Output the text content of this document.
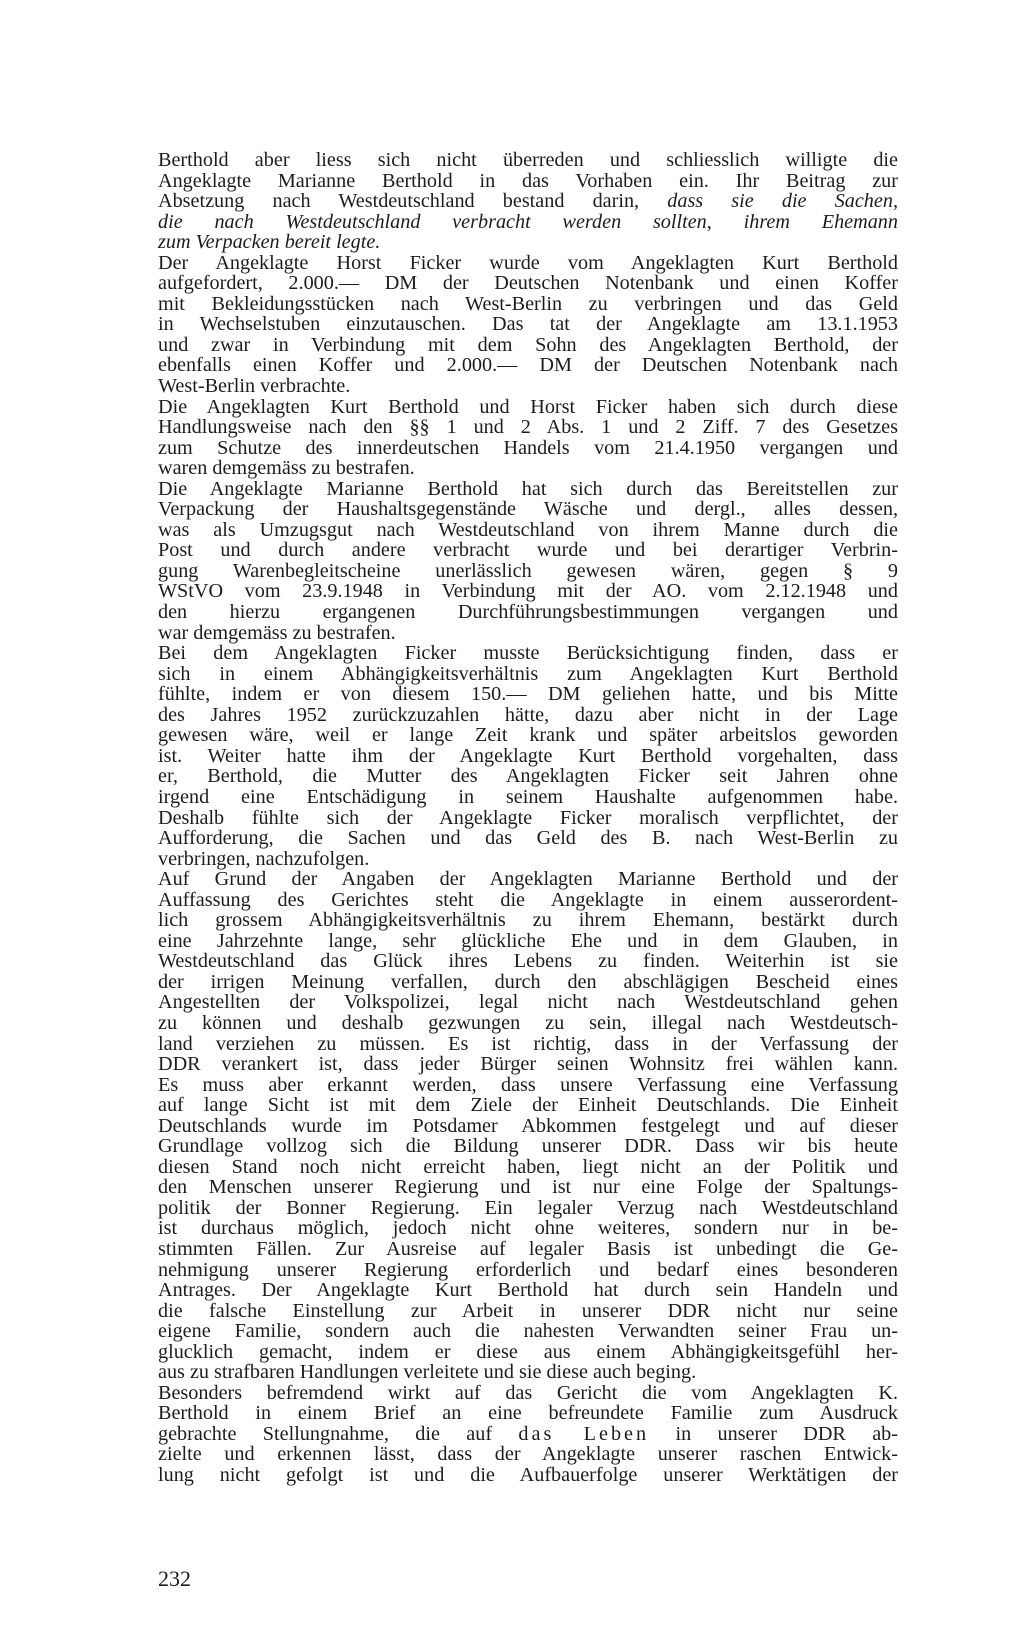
Berthold aber liess sich nicht überreden und schliesslich willigte die
Angeklagte Marianne Berthold in das Vorhaben ein. Ihr Beitrag zur
Absetzung nach Westdeutschland bestand darin, dass sie die Sachen,
die nach Westdeutschland verbracht werden sollten, ihrem Ehemann
zum Verpacken bereit legte.
Der Angeklagte Horst Ficker wurde vom Angeklagten Kurt Berthold
aufgefordert, 2.000.— DM der Deutschen Notenbank und einen Koffer
mit Bekleidungsstücken nach West-Berlin zu verbringen und das Geld
in Wechselstuben einzutauschen. Das tat der Angeklagte am 13.1.1953
und zwar in Verbindung mit dem Sohn des Angeklagten Berthold, der
ebenfalls einen Koffer und 2.000.— DM der Deutschen Notenbank nach
West-Berlin verbrachte.
Die Angeklagten Kurt Berthold und Horst Ficker haben sich durch diese
Handlungsweise nach den §§ 1 und 2 Abs. 1 und 2 Ziff. 7 des Gesetzes
zum Schutze des innerdeutschen Handels vom 21.4.1950 vergangen und
waren demgemäss zu bestrafen.
Die Angeklagte Marianne Berthold hat sich durch das Bereitstellen zur
Verpackung der Haushaltsgegenstände Wäsche und dergl., alles dessen,
was als Umzugsgut nach Westdeutschland von ihrem Manne durch die
Post und durch andere verbracht wurde und bei derartiger Verbrin-
gung Warenbegleitscheine unerlässlich gewesen wären, gegen § 9
WStVO vom 23.9.1948 in Verbindung mit der AO. vom 2.12.1948 und
den hierzu ergangenen Durchführungsbestimmungen vergangen und
war demgemäss zu bestrafen.
Bei dem Angeklagten Ficker musste Berücksichtigung finden, dass er
sich in einem Abhängigkeitsverhältnis zum Angeklagten Kurt Berthold
fühlte, indem er von diesem 150.— DM geliehen hatte, und bis Mitte
des Jahres 1952 zurückzuzahlen hätte, dazu aber nicht in der Lage
gewesen wäre, weil er lange Zeit krank und später arbeitslos geworden
ist. Weiter hatte ihm der Angeklagte Kurt Berthold vorgehalten, dass
er, Berthold, die Mutter des Angeklagten Ficker seit Jahren ohne
irgend eine Entschädigung in seinem Haushalte aufgenommen habe.
Deshalb fühlte sich der Angeklagte Ficker moralisch verpflichtet, der
Aufforderung, die Sachen und das Geld des B. nach West-Berlin zu
verbringen, nachzufolgen.
Auf Grund der Angaben der Angeklagten Marianne Berthold und der
Auffassung des Gerichtes steht die Angeklagte in einem ausserordent-
lich grossem Abhängigkeitsverhältnis zu ihrem Ehemann, bestärkt durch
eine Jahrzehnte lange, sehr glückliche Ehe und in dem Glauben, in
Westdeutschland das Glück ihres Lebens zu finden. Weiterhin ist sie
der irrigen Meinung verfallen, durch den abschlägigen Bescheid eines
Angestellten der Volkspolizei, legal nicht nach Westdeutschland gehen
zu können und deshalb gezwungen zu sein, illegal nach Westdeutsch-
land verziehen zu müssen. Es ist richtig, dass in der Verfassung der
DDR verankert ist, dass jeder Bürger seinen Wohnsitz frei wählen kann.
Es muss aber erkannt werden, dass unsere Verfassung eine Verfassung
auf lange Sicht ist mit dem Ziele der Einheit Deutschlands. Die Einheit
Deutschlands wurde im Potsdamer Abkommen festgelegt und auf dieser
Grundlage vollzog sich die Bildung unserer DDR. Dass wir bis heute
diesen Stand noch nicht erreicht haben, liegt nicht an der Politik und
den Menschen unserer Regierung und ist nur eine Folge der Spaltungs-
politik der Bonner Regierung. Ein legaler Verzug nach Westdeutschland
ist durchaus möglich, jedoch nicht ohne weiteres, sondern nur in be-
stimmten Fällen. Zur Ausreise auf legaler Basis ist unbedingt die Ge-
nehmigung unserer Regierung erforderlich und bedarf eines besonderen
Antrages. Der Angeklagte Kurt Berthold hat durch sein Handeln und
die falsche Einstellung zur Arbeit in unserer DDR nicht nur seine
eigene Familie, sondern auch die nahesten Verwandten seiner Frau un-
glucklich gemacht, indem er diese aus einem Abhängigkeitsgefühl her-
aus zu strafbaren Handlungen verleitete und sie diese auch beging.
Besonders befremdend wirkt auf das Gericht die vom Angeklagten K.
Berthold in einem Brief an eine befreundete Familie zum Ausdruck
gebrachte Stellungnahme, die auf das Leben in unserer DDR ab-
zielte und erkennen lässt, dass der Angeklagte unserer raschen Entwick-
lung nicht gefolgt ist und die Aufbauerfolge unserer Werktätigen der
232
